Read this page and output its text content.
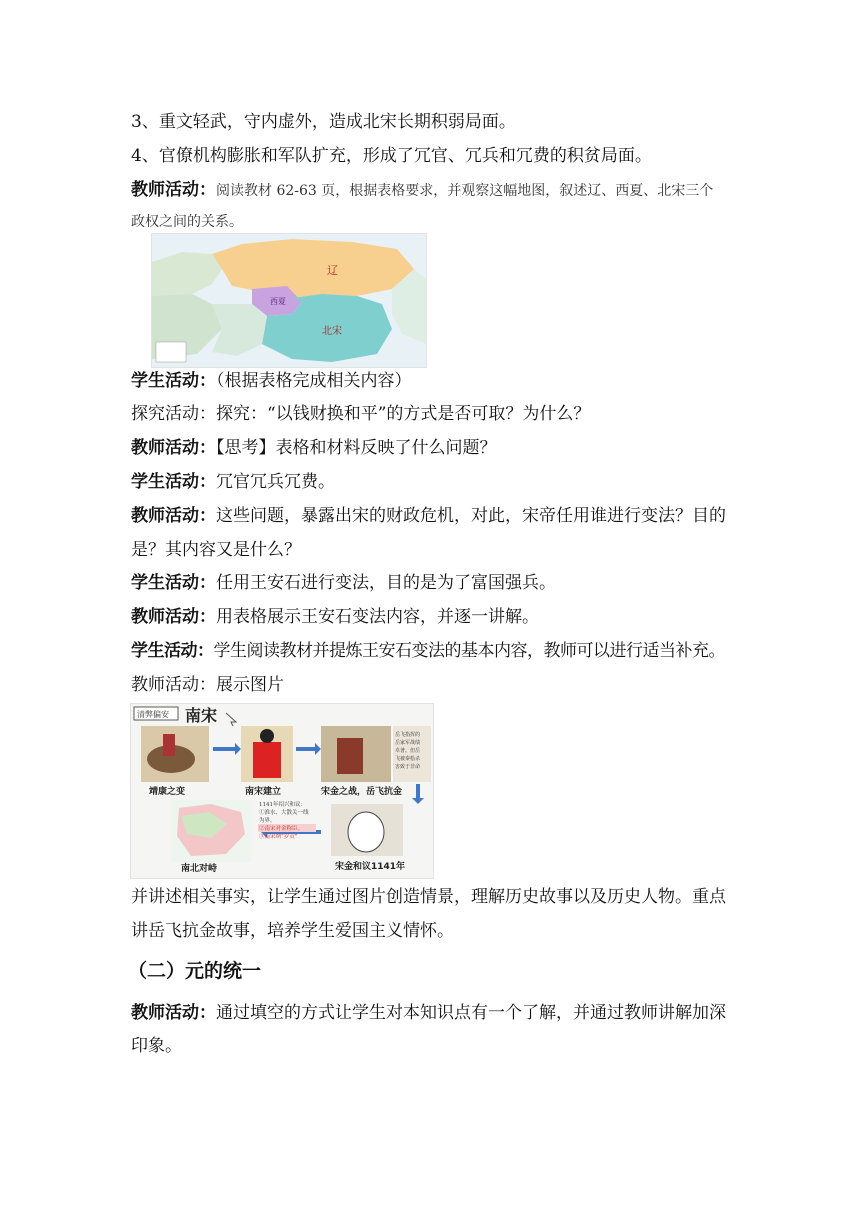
3、重文轻武，守内虚外，造成北宋长期积弱局面。
4、官僚机构膨胀和军队扩充，形成了冗官、冗兵和冗费的积贫局面。
教师活动：阅读教材 62-63 页，根据表格要求，并观察这幅地图，叙述辽、西夏、北宋三个
政权之间的关系。
辽
西夏
北宋
学生活动：（根据表格完成相关内容）
探究活动：探究：“以钱财换和平”的方式是否可取？为什么？
教师活动：【思考】表格和材料反映了什么问题？
学生活动：冗官冗兵冗费。
教师活动：这些问题，暴露出宋的财政危机，对此，宋帝任用谁进行变法？目的
是？其内容又是什么？
学生活动：任用王安石进行变法，目的是为了富国强兵。
教师活动：用表格展示王安石变法内容，并逐一讲解。
学生活动：学生阅读教材并提炼王安石变法的基本内容，教师可以进行适当补充。
教师活动：展示图片
清弊偏安 南宋
岳飞指挥的
岳家军战绩
卓著。但岳
飞被秦桧杀
害致于非命
靖康之变	南宋建立	宋金之战，岳飞抗金
南北对峙
1141年绍兴和议：
①淮水、大散关一线
为界。
②南宋对金称臣。
③南宋纳“岁贡”
宋金和议1141年
并讲述相关事实，让学生通过图片创造情景，理解历史故事以及历史人物。重点
讲岳飞抗金故事，培养学生爱国主义情怀。
（二）元的统一
教师活动：通过填空的方式让学生对本知识点有一个了解，并通过教师讲解加深
印象。
